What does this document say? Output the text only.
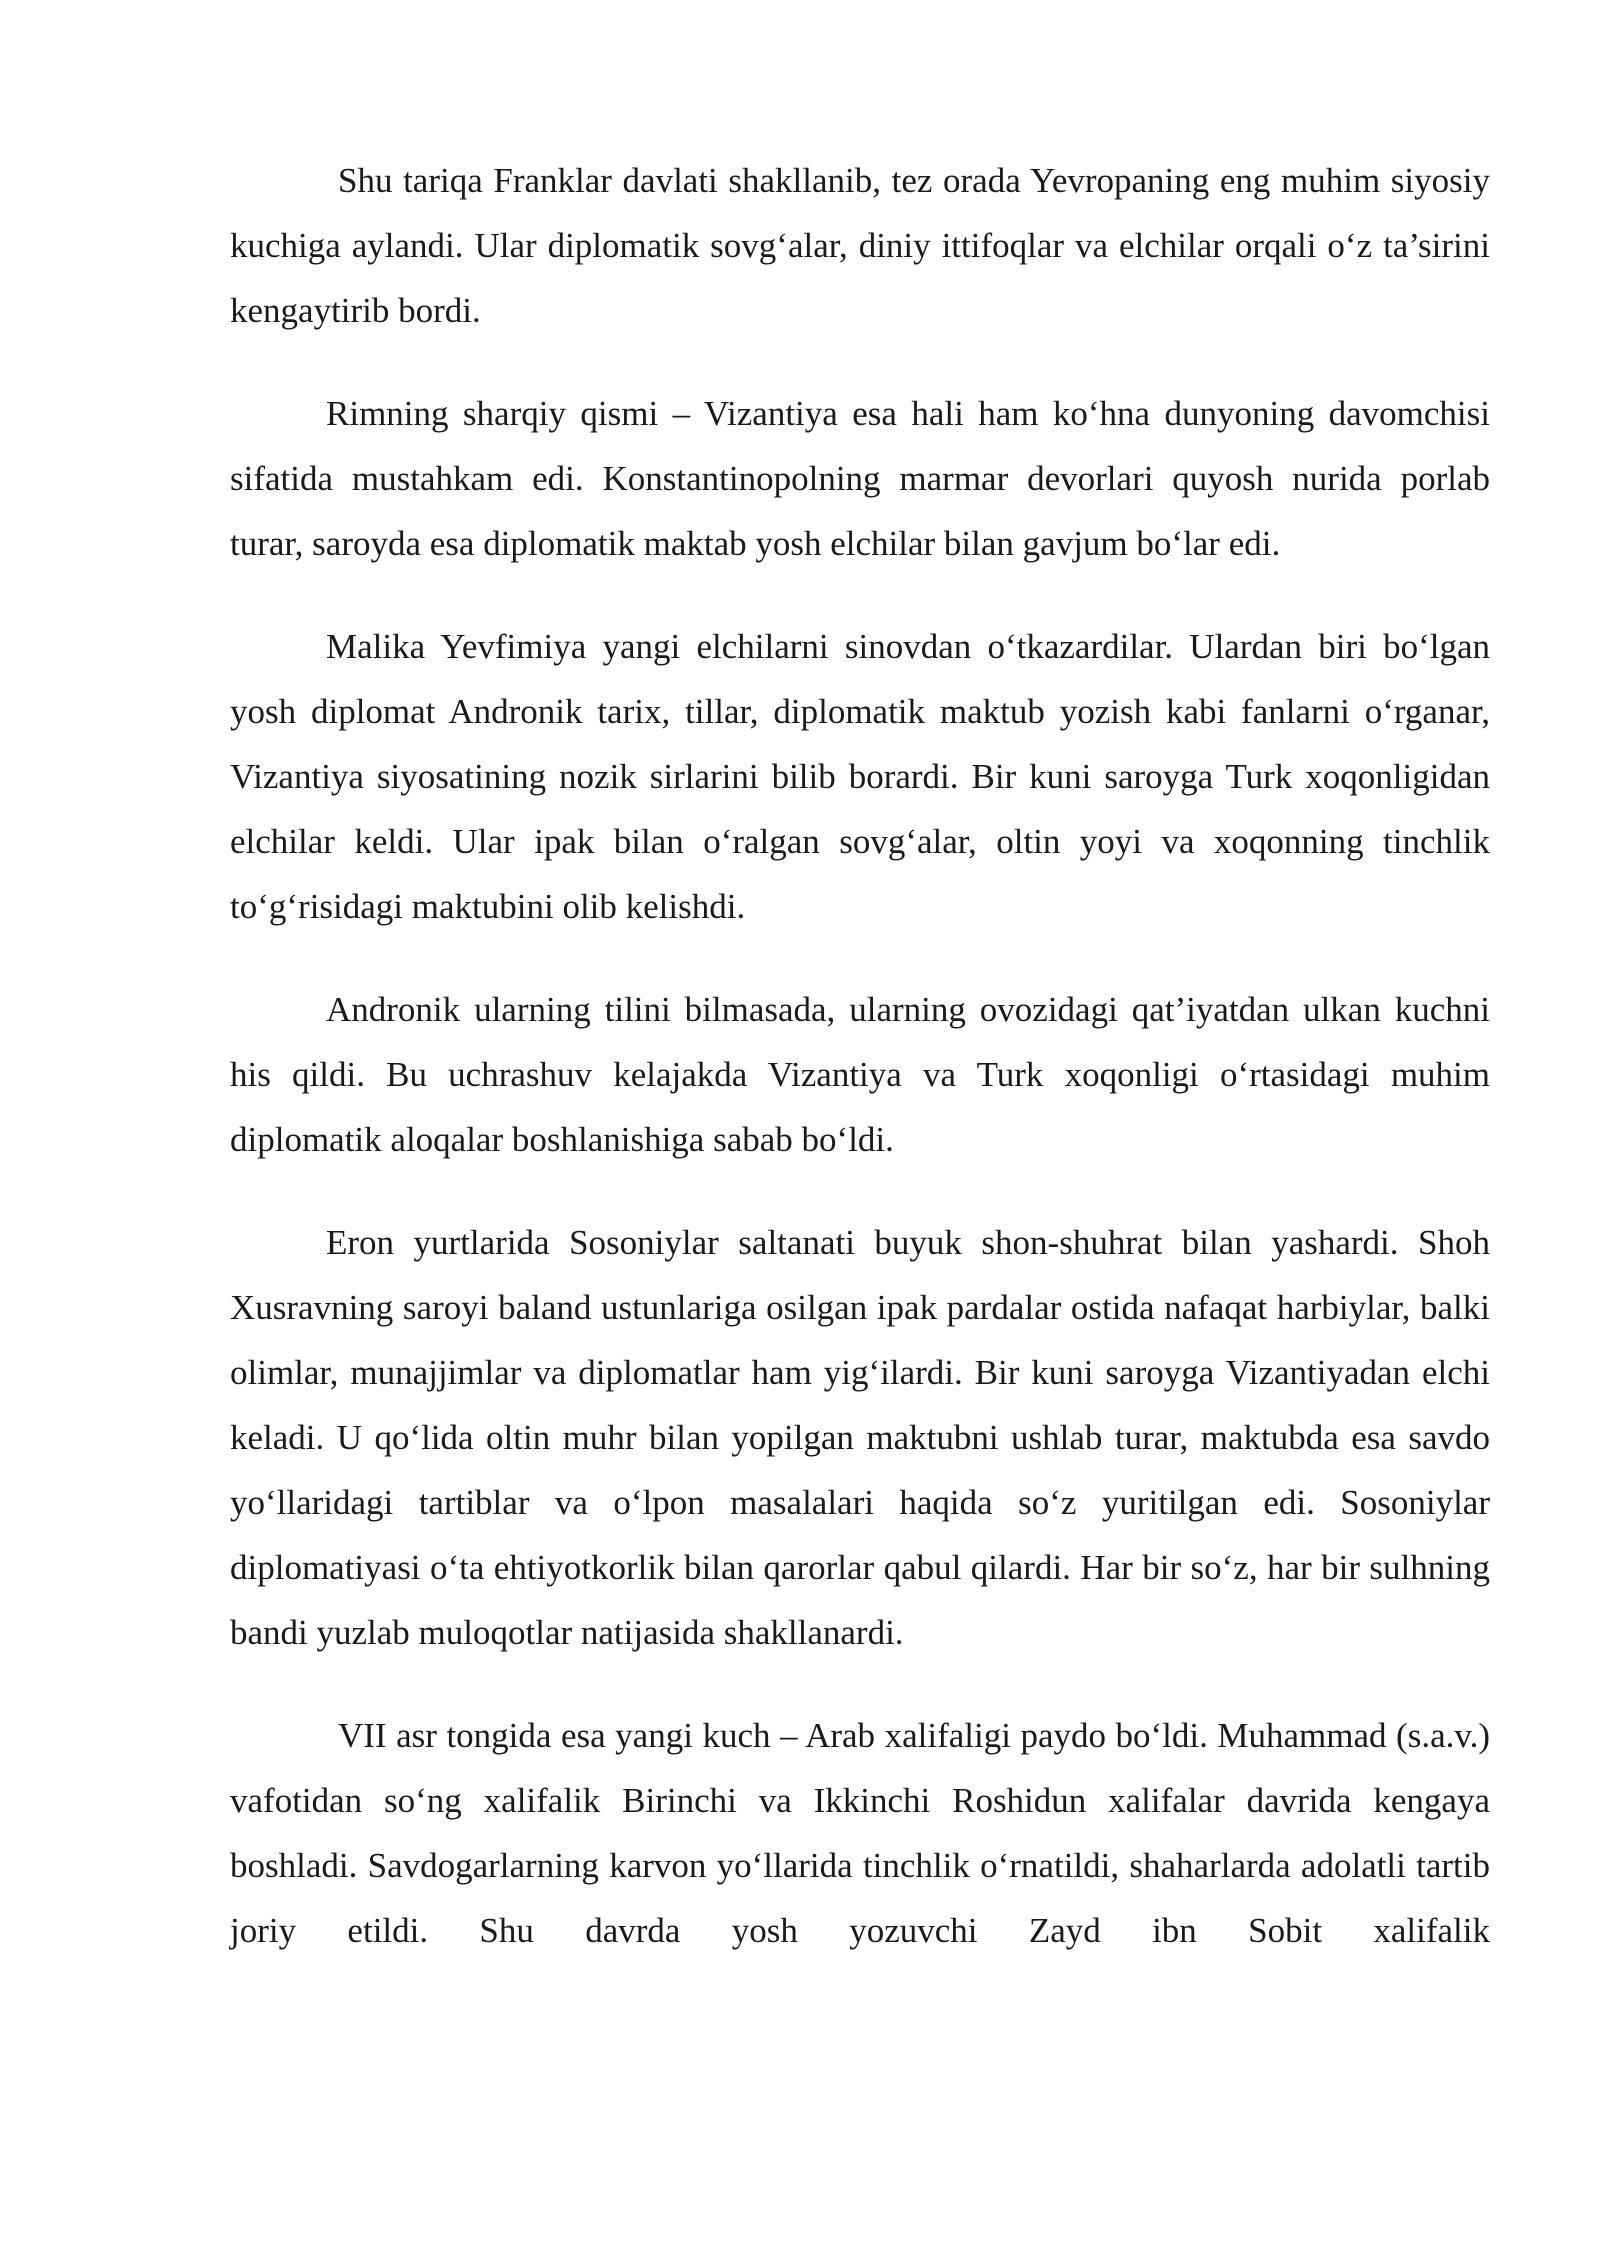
Shu tariqa Franklar davlati shakllanib, tez orada Yevropaning eng muhim siyosiy kuchiga aylandi. Ular diplomatik sovg‘alar, diniy ittifoqlar va elchilar orqali o‘z ta’sirini kengaytirib bordi.

Rimning sharqiy qismi – Vizantiya esa hali ham ko‘hna dunyoning davomchisi sifatida mustahkam edi. Konstantinopolning marmar devorlari quyosh nurida porlab turar, saroyda esa diplomatik maktab yosh elchilar bilan gavjum bo‘lar edi.

Malika Yevfimiya yangi elchilarni sinovdan o‘tkazardilar. Ulardan biri bo‘lgan yosh diplomat Andronik tarix, tillar, diplomatik maktub yozish kabi fanlarni o‘rganar, Vizantiya siyosatining nozik sirlarini bilib borardi. Bir kuni saroyga Turk xoqonligidan elchilar keldi. Ular ipak bilan o‘ralgan sovg‘alar, oltin yoyi va xoqonning tinchlik to‘g‘risidagi maktubini olib kelishdi.

Andronik ularning tilini bilmasada, ularning ovozidagi qat’iyatdan ulkan kuchni his qildi. Bu uchrashuv kelajakda Vizantiya va Turk xoqonligi o‘rtasidagi muhim diplomatik aloqalar boshlanishiga sabab bo‘ldi.

Eron yurtlarida Sosoniylar saltanati buyuk shon-shuhrat bilan yashardi. Shoh Xusravning saroyi baland ustunlariga osilgan ipak pardalar ostida nafaqat harbiylar, balki olimlar, munajjimlar va diplomatlar ham yig‘ilardi. Bir kuni saroyga Vizantiyadan elchi keladi. U qo‘lida oltin muhr bilan yopilgan maktubni ushlab turar, maktubda esa savdo yo‘llaridagi tartiblar va o‘lpon masalalari haqida so‘z yuritilgan edi. Sosoniylar diplomatiyasi o‘ta ehtiyotkorlik bilan qarorlar qabul qilardi. Har bir so‘z, har bir sulhning bandi yuzlab muloqotlar natijasida shakllanardi.

VII asr tongida esa yangi kuch – Arab xalifaligi paydo bo‘ldi. Muhammad (s.a.v.) vafotidan so‘ng xalifalik Birinchi va Ikkinchi Roshidun xalifalar davrida kengaya boshladi. Savdogarlarning karvon yo‘llarida tinchlik o‘rnatildi, shaharlarda adolatli tartib joriy etildi. Shu davrda yosh yozuvchi Zayd ibn Sobit xalifalik
